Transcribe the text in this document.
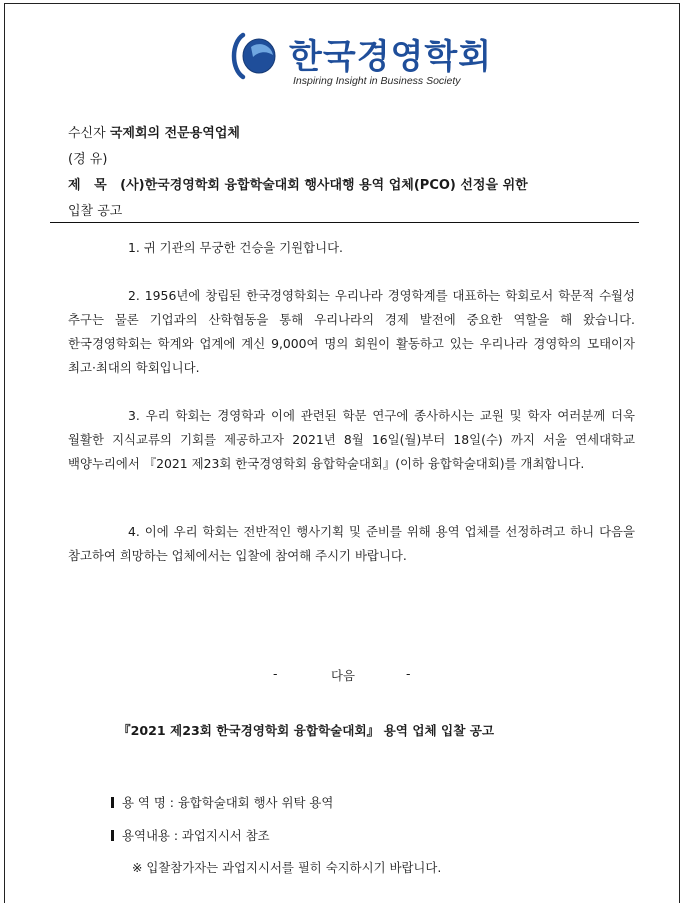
한국경영학회
Inspiring Insight in Business Society
수신자 국제회의 전문용역업체
(경 유)
제   목 (사)한국경영학회 융합학술대회 행사대행 용역 업체(PCO) 선정을 위한
입찰 공고
1. 귀 기관의 무궁한 건승을 기원합니다.
2. 1956년에 창립된 한국경영학회는 우리나라 경영학계를 대표하는 학회로서 학문적 수월성 추구는 물론 기업과의 산학협동을 통해 우리나라의 경제 발전에 중요한 역할을 해 왔습니다. 한국경영학회는 학계와 업계에 계신 9,000여 명의 회원이 활동하고 있는 우리나라 경영학의 모태이자 최고·최대의 학회입니다.
3. 우리 학회는 경영학과 이에 관련된 학문 연구에 종사하시는 교원 및 학자 여러분께 더욱 월활한 지식교류의 기회를 제공하고자 2021년 8월 16일(월)부터 18일(수) 까지 서울 연세대학교 백양누리에서 『2021 제23회 한국경영학회 융합학술대회』(이하 융합학술대회)를 개최합니다.
4. 이에 우리 학회는 전반적인 행사기획 및 준비를 위해 용역 업체를 선정하려고 하니 다음을 참고하여 희망하는 업체에서는 입찰에 참여해 주시기 바랍니다.
-	다음	-
『2021 제23회 한국경영학회 융합학술대회』 용역 업체 입찰 공고
용 역 명 : 융합학술대회 행사 위탁 용역
용역내용 : 과업지시서 참조
※ 입찰참가자는 과업지시서를 필히 숙지하시기 바랍니다.
